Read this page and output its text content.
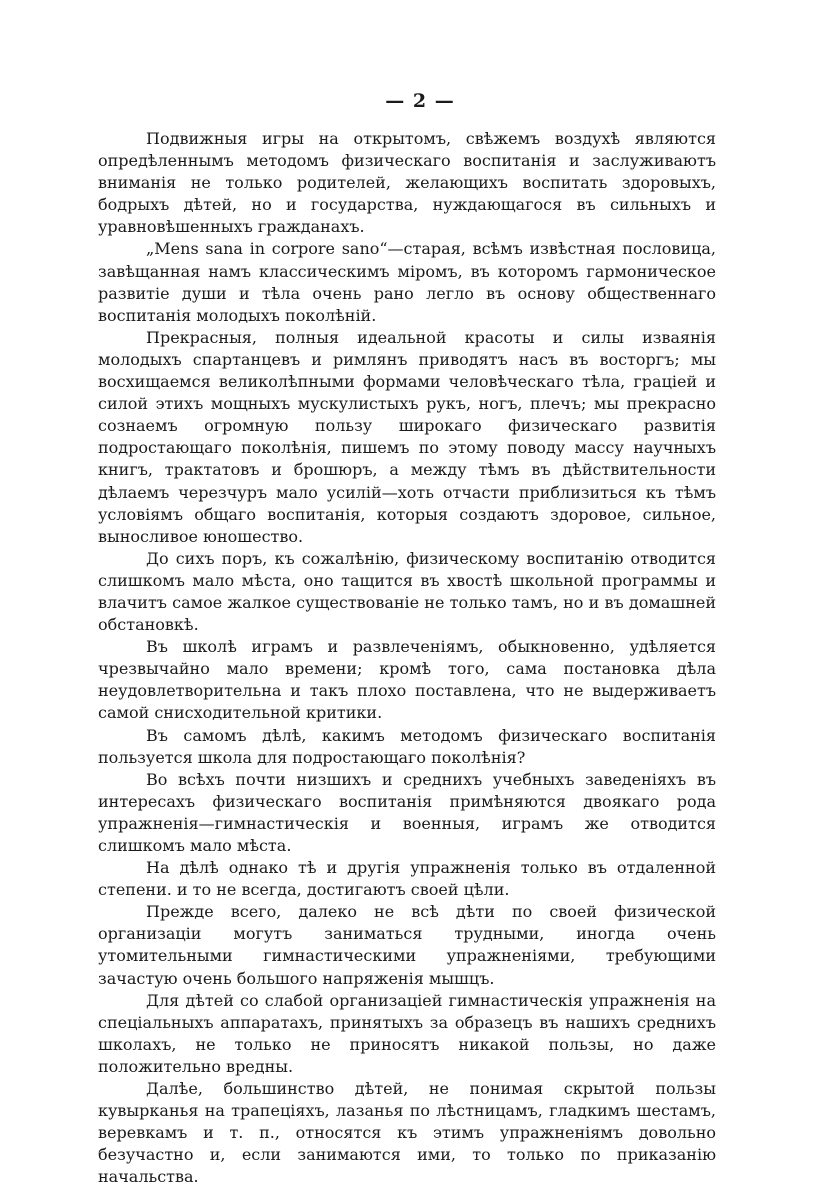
— 2 —

Подвижныя игры на открытомъ, свѣжемъ воздухѣ являются опредѣленнымъ методомъ физическаго воспитанія и заслуживаютъ вниманія не только родителей, желающихъ воспитать здоровыхъ, бодрыхъ дѣтей, но и государства, нуждающагося въ сильныхъ и уравновѣшенныхъ гражданахъ.

„Mens sana in corpore sano“—старая, всѣмъ извѣстная пословица, завѣщанная намъ классическимъ міромъ, въ которомъ гармоническое развитіе души и тѣла очень рано легло въ основу общественнаго воспитанія молодыхъ поколѣній.

Прекрасныя, полныя идеальной красоты и силы изваянія молодыхъ спартанцевъ и римлянъ приводятъ насъ въ восторгъ; мы восхищаемся великолѣпными формами человѣческаго тѣла, граціей и силой этихъ мощныхъ мускулистыхъ рукъ, ногъ, плечъ; мы прекрасно сознаемъ огромную пользу широкаго физическаго развитія подростающаго поколѣнія, пишемъ по этому поводу массу научныхъ книгъ, трактатовъ и брошюръ, а между тѣмъ въ дѣйствительности дѣлаемъ черезчуръ мало усилій—хоть отчасти приблизиться къ тѣмъ условіямъ общаго воспитанія, которыя создаютъ здоровое, сильное, выносливое юношество.

До сихъ поръ, къ сожалѣнію, физическому воспитанію отводится слишкомъ мало мѣста, оно тащится въ хвостѣ школьной программы и влачитъ самое жалкое существованіе не только тамъ, но и въ домашней обстановкѣ.

Въ школѣ играмъ и развлеченіямъ, обыкновенно, удѣляется чрезвычайно мало времени; кромѣ того, сама постановка дѣла неудовлетворительна и такъ плохо поставлена, что не выдерживаетъ самой снисходительной критики.

Въ самомъ дѣлѣ, какимъ методомъ физическаго воспитанія пользуется школа для подростающаго поколѣнія?

Во всѣхъ почти низшихъ и среднихъ учебныхъ заведеніяхъ въ интересахъ физическаго воспитанія примѣняются двоякаго рода упражненія—гимнастическія и военныя, играмъ же отводится слишкомъ мало мѣста.

На дѣлѣ однако тѣ и другія упражненія только въ отдаленной степени. и то не всегда, достигаютъ своей цѣли.

Прежде всего, далеко не всѣ дѣти по своей физической организаціи могутъ заниматься трудными, иногда очень утомительными гимнастическими упражненіями, требующими зачастую очень большого напряженія мышцъ.

Для дѣтей со слабой организаціей гимнастическія упражненія на спеціальныхъ аппаратахъ, принятыхъ за образецъ въ нашихъ среднихъ школахъ, не только не приносятъ никакой пользы, но даже положительно вредны.

Далѣе, большинство дѣтей, не понимая скрытой пользы кувырканья на трапеціяхъ, лазанья по лѣстницамъ, гладкимъ шестамъ, веревкамъ и т. п., относятся къ этимъ упражненіямъ довольно безучастно и, если занимаются ими, то только по приказанію начальства.
